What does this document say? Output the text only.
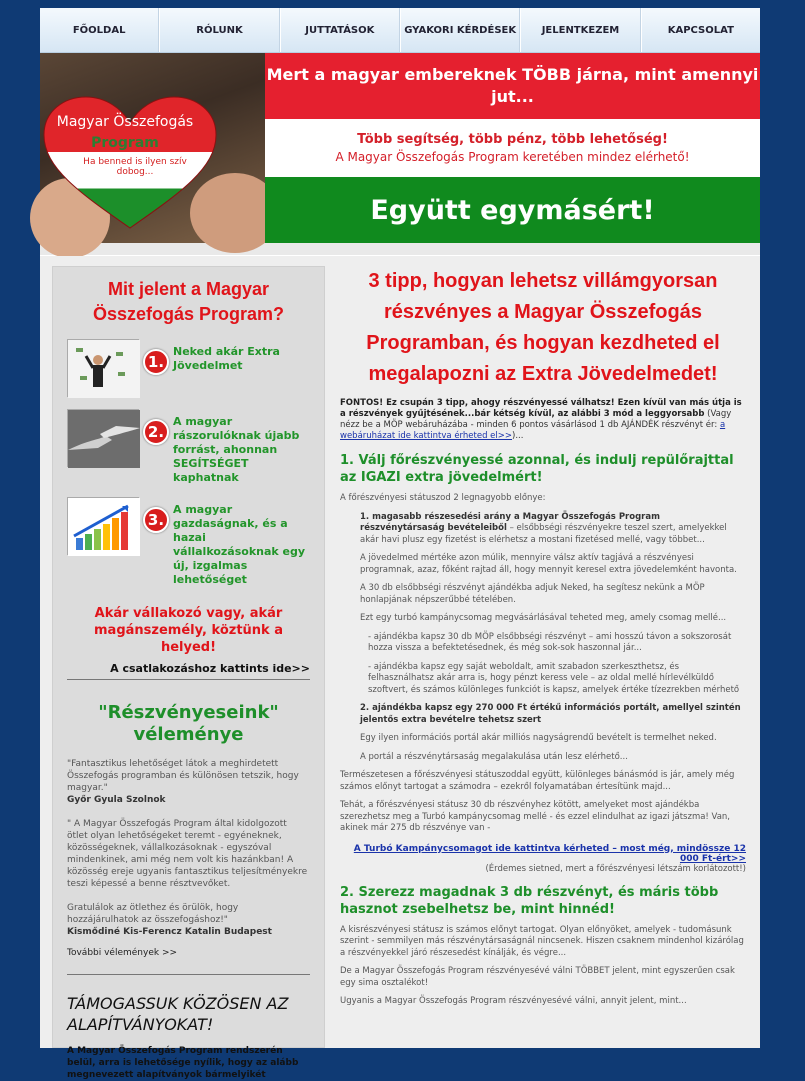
FŐOLDAL	RÓLUNK	JUTTATÁSOK	GYAKORI KÉRDÉSEK	JELENTKEZEM	KAPCSOLAT
Magyar Összefogás
Program
Ha benned is ilyen szív dobog...
Mert a magyar embereknek TÖBB járna, mint amennyi jut...
Több segítség, több pénz, több lehetőség!
A Magyar Összefogás Program keretében mindez elérhető!
Együtt egymásért!
Mit jelent a Magyar Összefogás Program?
1.
Neked akár Extra Jövedelmet
2.
A magyar rászorulóknak újabb forrást, ahonnan SEGÍTSÉGET kaphatnak
3.
A magyar gazdaságnak, és a hazai vállalkozásoknak egy új, izgalmas lehetőséget
Akár vállakozó vagy, akár magánszemély, köztünk a helyed!
A csatlakozáshoz kattints ide>>
"Részvényeseink" véleménye
"Fantasztikus lehetőséget látok a meghirdetett Összefogás programban és különösen tetszik, hogy magyar."
Győr Gyula Szolnok
" A Magyar Összefogás Program által kidolgozott ötlet olyan lehetőségeket teremt - egyéneknek, közösségeknek, vállalkozásoknak - egyszóval mindenkinek, ami még nem volt kis hazánkban! A közösség ereje ugyanis fantasztikus teljesítményekre teszi képessé a benne résztvevőket.
Gratulálok az ötlethez és örülök, hogy hozzájárulhatok az összefogáshoz!"
Kismődiné Kis-Ferencz Katalin Budapest
További vélemények >>
TÁMOGASSUK KÖZÖSEN AZ ALAPÍTVÁNYOKAT!
A Magyar Összefogás Program rendszerén belül, arra is lehetősége nyílik, hogy az alább megnevezett alapítványok bármelyikét
3 tipp, hogyan lehetsz villámgyorsan részvényes a Magyar Összefogás Programban, és hogyan kezdheted el megalapozni az Extra Jövedelmedet!
FONTOS! Ez csupán 3 tipp, ahogy részvényessé válhatsz! Ezen kívül van más útja is a részvények gyűjtésének...bár kétség kívül, az alábbi 3 mód a leggyorsabb (Vagy nézz be a MÖP webáruházába - minden 6 pontos vásárlásod 1 db AJÁNDÉK részvényt ér: a webáruházat ide kattintva érheted el>>)...
1. Válj főrészvényessé azonnal, és indulj repülőrajttal az IGAZI extra jövedelmért!
A főrészvényesi státuszod 2 legnagyobb előnye:
1. magasabb részesedési arány a Magyar Összefogás Program részvénytársaság bevételeiből – elsőbbségi részvényekre teszel szert, amelyekkel akár havi plusz egy fizetést is elérhetsz a mostani fizetésed mellé, vagy többet...
A jövedelmed mértéke azon múlik, mennyire válsz aktív tagjává a részvényesi programnak, azaz, főként rajtad áll, hogy mennyit keresel extra jövedelemként havonta.
A 30 db elsőbbségi részvényt ajándékba adjuk Neked, ha segítesz nekünk a MÖP honlapjának népszerűbbé tételében.
Ezt egy turbó kampánycsomag megvásárlásával teheted meg, amely csomag mellé...
- ajándékba kapsz 30 db MÖP elsőbbségi részvényt – ami hosszú távon a sokszorosát hozza vissza a befektetésednek, és még sok-sok haszonnal jár...
- ajándékba kapsz egy saját weboldalt, amit szabadon szerkeszthetsz, és felhasználhatsz akár arra is, hogy pénzt keress vele – az oldal mellé hírlevélküldő szoftvert, és számos különleges funkciót is kapsz, amelyek értéke tízezrekben mérhető
2. ajándékba kapsz egy 270 000 Ft értékű információs portált, amellyel szintén jelentős extra bevételre tehetsz szert
Egy ilyen információs portál akár milliós nagyságrendű bevételt is termelhet neked.
A portál a részvénytársaság megalakulása után lesz elérhető...
Természetesen a főrészvényesi státuszoddal együtt, különleges bánásmód is jár, amely még számos előnyt tartogat a számodra – ezekről folyamatában értesítünk majd...
Tehát, a főrészvényesi státusz 30 db részvényhez kötött, amelyeket most ajándékba szerezhetsz meg a Turbó kampánycsomag mellé - és ezzel elindulhat az igazi játszma! Van, akinek már 275 db részvénye van -
A Turbó Kampánycsomagot ide kattintva kérheted – most még, mindössze 12 000 Ft-ért>>
(Érdemes sietned, mert a főrészvényesi létszám korlátozott!)
2. Szerezz magadnak 3 db részvényt, és máris több hasznot zsebelhetsz be, mint hinnéd!
A kisrészvényesi státusz is számos előnyt tartogat. Olyan előnyöket, amelyek - tudomásunk szerint - semmilyen más részvénytársaságnál nincsenek. Hiszen csaknem mindenhol kizárólag a részvényekkel járó részesedést kínálják, és végre...
De a Magyar Összefogás Program részvényesévé válni TÖBBET jelent, mint egyszerűen csak egy sima osztalékot!
Ugyanis a Magyar Összefogás Program részvényesévé válni, annyit jelent, mint...
